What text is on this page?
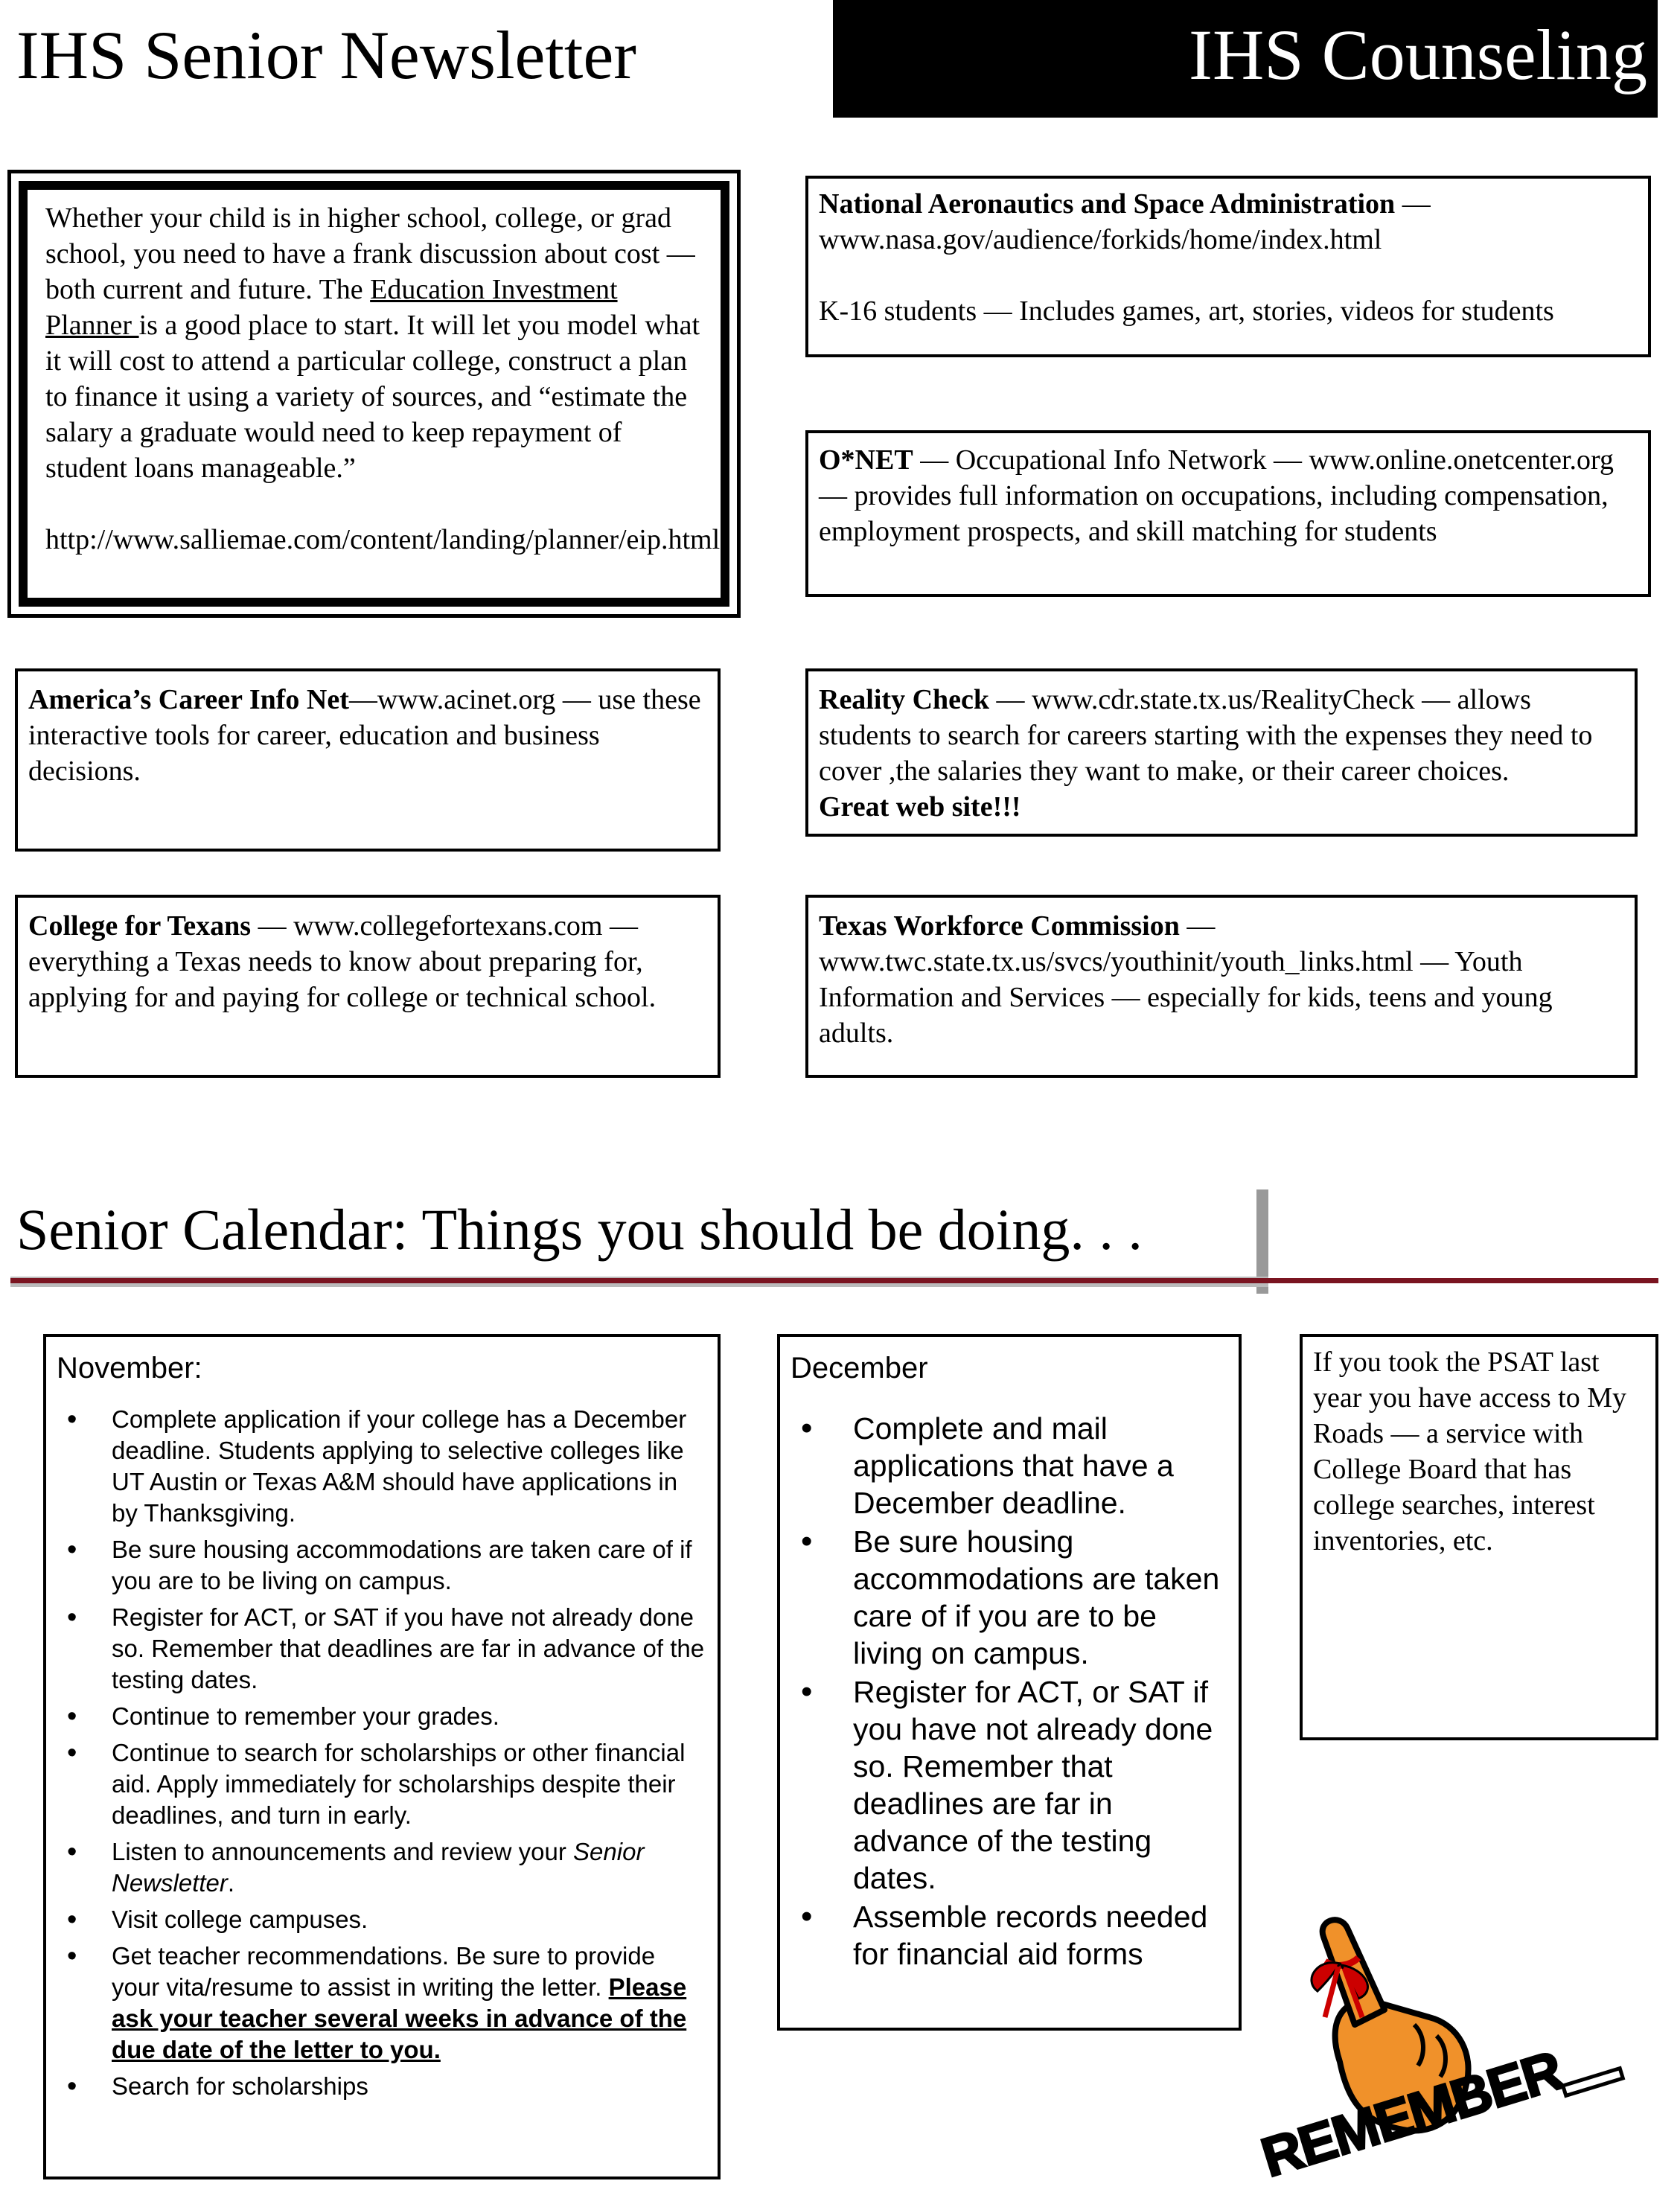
IHS Senior Newsletter	IHS Counseling

Whether your child is in higher school, college, or grad school, you need to have a frank discussion about cost — both current and future. The Education Investment Planner is a good place to start. It will let you model what it will cost to attend a particular college, construct a plan to finance it using a variety of sources, and “estimate the salary a graduate would need to keep repayment of student loans manageable.”

http://www.salliemae.com/content/landing/planner/eip.html

National Aeronautics and Space Administration — www.nasa.gov/audience/forkids/home/index.html

K-16 students — Includes games, art, stories, videos for students

O*NET — Occupational Info Network — www.online.onetcenter.org — provides full information on occupations, including compensation, employment prospects, and skill matching for students

America’s Career Info Net—www.acinet.org — use these interactive tools for career, education and business decisions.

Reality Check — www.cdr.state.tx.us/RealityCheck — allows students to search for careers starting with the expenses they need to cover ,the salaries they want to make, or their career choices.          Great web site!!!

College for Texans — www.collegefortexans.com — everything a Texas needs to know about preparing for, applying for and paying for college or technical school.

Texas Workforce Commission — www.twc.state.tx.us/svcs/youthinit/youth_links.html — Youth Information and Services — especially for kids, teens and young adults.

Senior Calendar: Things you should be doing. . .
November:
• Complete application if your college has a December deadline. Students applying to selective colleges like UT Austin or Texas A&M should have applications in by Thanksgiving.
• Be sure housing accommodations are taken care of if you are to be living on campus.
• Register for ACT, or SAT if you have not already done so. Remember that deadlines are far in advance of the testing dates.
• Continue to remember your grades.
• Continue to search for scholarships or other financial aid. Apply immediately for scholarships despite their deadlines, and turn in early.
• Listen to announcements and review your Senior Newsletter.
• Visit college campuses.
• Get teacher recommendations. Be sure to provide your vita/resume to assist in writing the letter. Please ask your teacher several weeks in advance of the due date of the letter to you.
• Search for scholarships
December
• Complete and mail applications that have a December deadline.
• Be sure housing accommodations are taken care of if you are to be living on campus.
• Register for ACT, or SAT if you have not already done so. Remember that deadlines are far in advance of the testing dates.
• Assemble records needed for financial aid forms

If you took the PSAT last year you have access to My Roads — a service with College Board that has college searches, interest inventories, etc.

REMEMBER
